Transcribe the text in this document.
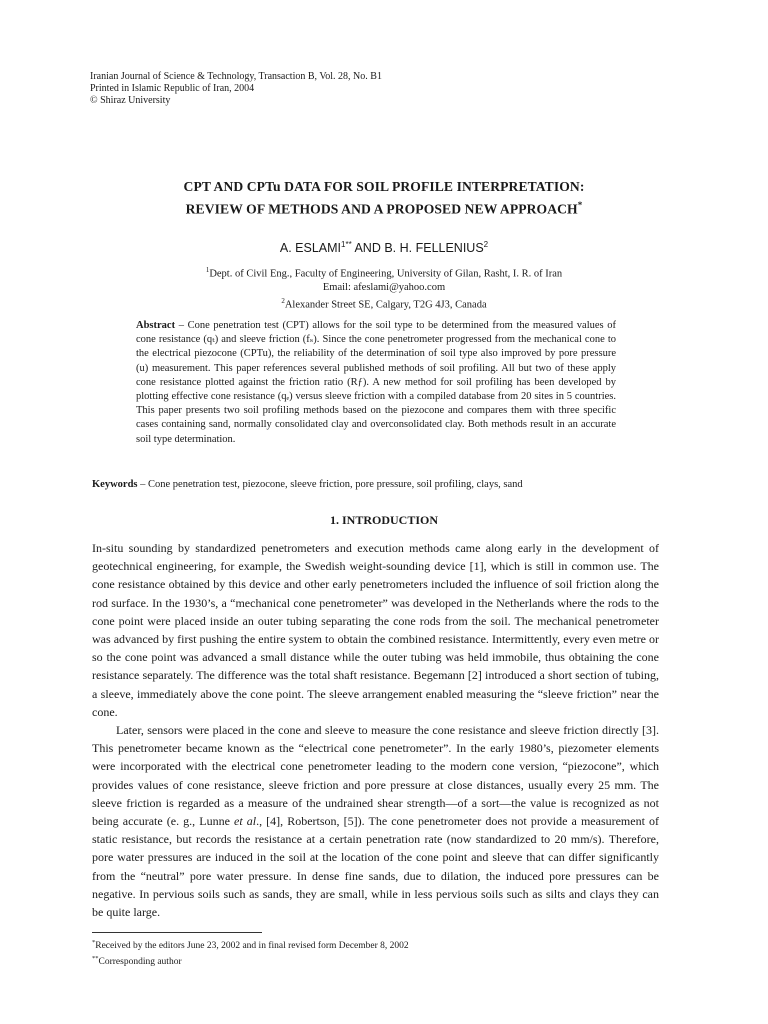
Iranian Journal of Science & Technology, Transaction B, Vol. 28, No. B1
Printed in Islamic Republic of Iran, 2004
© Shiraz University
CPT AND CPTu DATA FOR SOIL PROFILE INTERPRETATION:
REVIEW OF METHODS AND A PROPOSED NEW APPROACH*
A. $ESLAMI^{1**}$ AND B. H. FELLENIUS$^2$
$^1$Dept. of Civil Eng., Faculty of Engineering, University of Gilan, Rasht, I. R. of Iran
Email: afeslami@yahoo.com
$^2$Alexander Street SE, Calgary, T2G 4J3, Canada
Abstract – Cone penetration test (CPT) allows for the soil type to be determined from the measured values of cone resistance (qₜ) and sleeve friction (fₛ). Since the cone penetrometer progressed from the mechanical cone to the electrical piezocone (CPTu), the reliability of the determination of soil type also improved by pore pressure (u) measurement. This paper references several published methods of soil profiling. All but two of these apply cone resistance plotted against the friction ratio (Rƒ). A new method for soil profiling has been developed by plotting effective cone resistance (qₑ) versus sleeve friction with a compiled database from 20 sites in 5 countries. This paper presents two soil profiling methods based on the piezocone and compares them with three specific cases containing sand, normally consolidated clay and overconsolidated clay. Both methods result in an accurate soil type determination.
Keywords – Cone penetration test, piezocone, sleeve friction, pore pressure, soil profiling, clays, sand
1. INTRODUCTION

In-situ sounding by standardized penetrometers and execution methods came along early in the development of geotechnical engineering, for example, the Swedish weight-sounding device [1], which is still in common use. The cone resistance obtained by this device and other early penetrometers included the influence of soil friction along the rod surface. In the 1930’s, a “mechanical cone penetrometer” was developed in the Netherlands where the rods to the cone point were placed inside an outer tubing separating the cone rods from the soil. The mechanical penetrometer was advanced by first pushing the entire system to obtain the combined resistance. Intermittently, every even metre or so the cone point was advanced a small distance while the outer tubing was held immobile, thus obtaining the cone resistance separately. The difference was the total shaft resistance. Begemann [2] introduced a short section of tubing, a sleeve, immediately above the cone point. The sleeve arrangement enabled measuring the “sleeve friction” near the cone.

Later, sensors were placed in the cone and sleeve to measure the cone resistance and sleeve friction directly [3]. This penetrometer became known as the “electrical cone penetrometer”. In the early 1980’s, piezometer elements were incorporated with the electrical cone penetrometer leading to the modern cone version, “piezocone”, which provides values of cone resistance, sleeve friction and pore pressure at close distances, usually every 25 mm. The sleeve friction is regarded as a measure of the undrained shear strength—of a sort—the value is recognized as not being accurate (e. g., Lunne et al., [4], Robertson, [5]). The cone penetrometer does not provide a measurement of static resistance, but records the resistance at a certain penetration rate (now standardized to 20 mm/s). Therefore, pore water pressures are induced in the soil at the location of the cone point and sleeve that can differ significantly from the “neutral” pore water pressure. In dense fine sands, due to dilation, the induced pore pressures can be negative. In pervious soils such as sands, they are small, while in less pervious soils such as silts and clays they can be quite large.

*Received by the editors June 23, 2002 and in final revised form December 8, 2002
**Corresponding author
